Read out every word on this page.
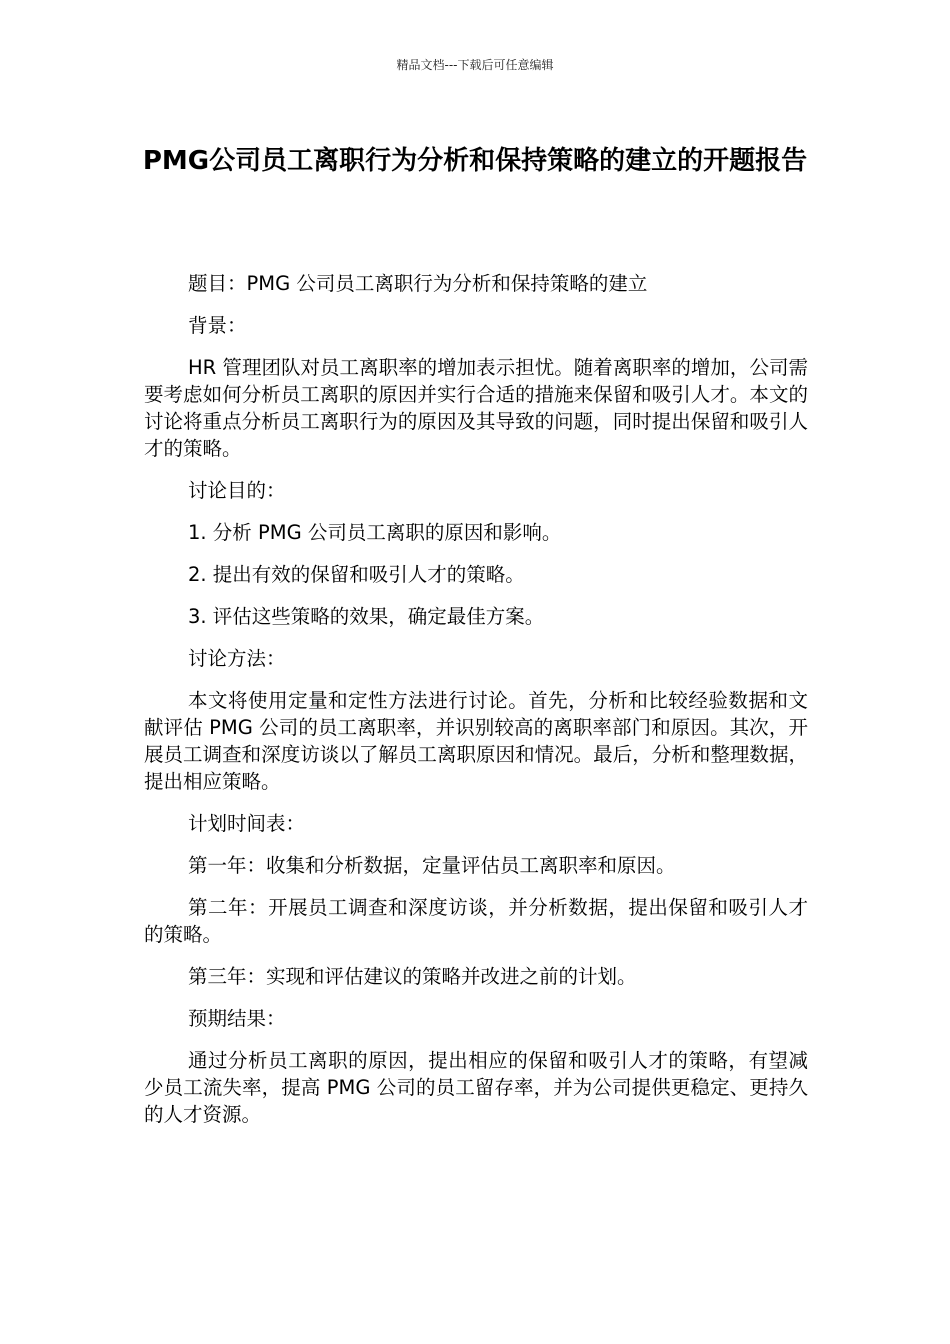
精品文档---下载后可任意编辑
PMG公司员工离职行为分析和保持策略的建立的开题报告

题目：PMG 公司员工离职行为分析和保持策略的建立

背景：

HR 管理团队对员工离职率的增加表示担忧。随着离职率的增加，公司需要考虑如何分析员工离职的原因并实行合适的措施来保留和吸引人才。本文的讨论将重点分析员工离职行为的原因及其导致的问题，同时提出保留和吸引人才的策略。

讨论目的：

1. 分析 PMG 公司员工离职的原因和影响。

2. 提出有效的保留和吸引人才的策略。

3. 评估这些策略的效果，确定最佳方案。

讨论方法：

本文将使用定量和定性方法进行讨论。首先，分析和比较经验数据和文献评估 PMG 公司的员工离职率，并识别较高的离职率部门和原因。其次，开展员工调查和深度访谈以了解员工离职原因和情况。最后，分析和整理数据，提出相应策略。

计划时间表：

第一年：收集和分析数据，定量评估员工离职率和原因。

第二年：开展员工调查和深度访谈，并分析数据，提出保留和吸引人才的策略。

第三年：实现和评估建议的策略并改进之前的计划。

预期结果：

通过分析员工离职的原因，提出相应的保留和吸引人才的策略，有望减少员工流失率，提高 PMG 公司的员工留存率，并为公司提供更稳定、更持久的人才资源。
